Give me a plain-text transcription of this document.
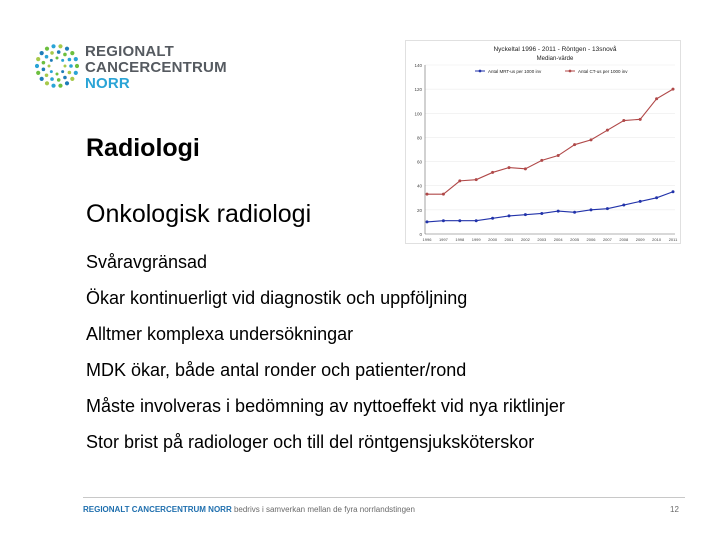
REGIONALT
CANCERCENTRUM
NORR
Radiologi
Onkologisk radiologi
Svåravgränsad
Ökar kontinuerligt vid diagnostik och uppföljning
Alltmer komplexa undersökningar
MDK ökar, både antal ronder och patienter/rond
Måste involveras i bedömning av nyttoeffekt vid nya riktlinjer
Stor brist på radiologer och till del röntgensjuksköterskor
Nyckeltal 1996 - 2011 - Röntgen - 13snovå
Median-värde
0
20
40
60
80
100
120
140
1996 1997 1998 1999 2000 2001 2002 2003 2004 2005 2006 2007 2008 2009 2010 2011
Antal MRT-us per 1000 inv	Antal CT-us per 1000 inv
REGIONALT CANCERCENTRUM NORR bedrivs i samverkan mellan de fyra norrlandstingen	12
